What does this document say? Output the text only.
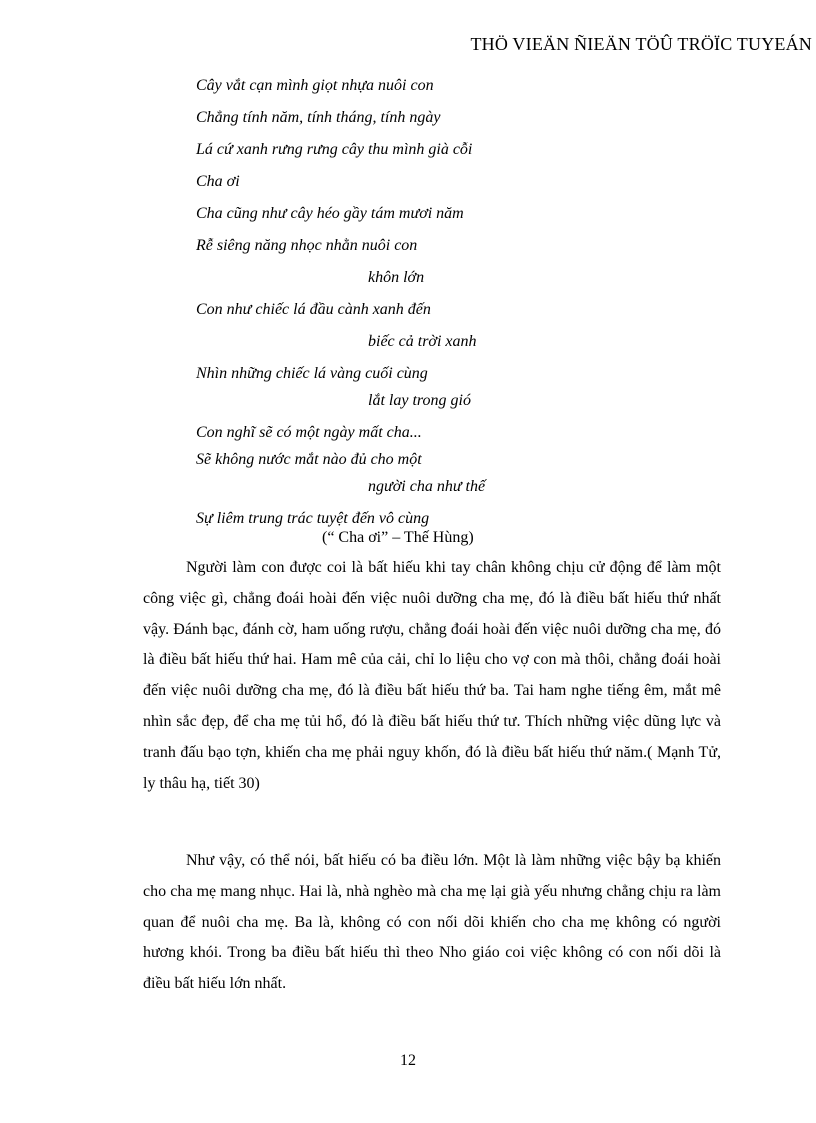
THÖ VIEÄN ÑIEÄN TÖÛ TRÖÏC TUYEÁN
Cây vắt cạn mình giọt nhựa nuôi con
Chẳng tính năm, tính tháng, tính ngày
Lá cứ xanh rưng rưng cây thu mình già cỗi
Cha ơi
Cha cũng như cây héo gầy tám mươi năm
Rễ siêng năng nhọc nhằn nuôi con
khôn lớn
Con như chiếc lá đầu cành xanh đến
biếc cả trời xanh
Nhìn những chiếc lá vàng cuối cùng
lắt lay trong gió
Con nghĩ sẽ có một ngày mất cha...
Sẽ không nước mắt nào đủ cho một
người cha như thế
Sự liêm trung trác tuyệt đến vô cùng
(“ Cha ơi” – Thế Hùng)

Người làm con được coi là bất hiếu khi tay chân không chịu cử động để làm một công việc gì, chẳng đoái hoài đến việc nuôi dưỡng cha mẹ, đó là điều bất hiếu thứ nhất vậy. Đánh bạc, đánh cờ, ham uống rượu, chẳng đoái hoài đến việc nuôi dưỡng cha mẹ, đó là điều bất hiếu thứ hai. Ham mê của cải, chỉ lo liệu cho vợ con mà thôi, chẳng đoái hoài đến việc nuôi dưỡng cha mẹ, đó là điều bất hiếu thứ ba. Tai ham nghe tiếng êm, mắt mê nhìn sắc đẹp, để cha mẹ tủi hổ, đó là điều bất hiếu thứ tư. Thích những việc dũng lực và tranh đấu bạo tợn, khiến cha mẹ phải nguy khốn, đó là điều bất hiếu thứ năm.( Mạnh Tử, ly thâu hạ, tiết 30)

Như vậy, có thể nói, bất hiếu có ba điều lớn. Một là làm những việc bậy bạ khiến cho cha mẹ mang nhục. Hai là, nhà nghèo mà cha mẹ lại già yếu nhưng chẳng chịu ra làm quan để nuôi cha mẹ. Ba là, không có con nối dõi khiến cho cha mẹ không có người hương khói. Trong ba điều bất hiếu thì theo Nho giáo coi việc không có con nối dõi là điều bất hiếu lớn nhất.

12
